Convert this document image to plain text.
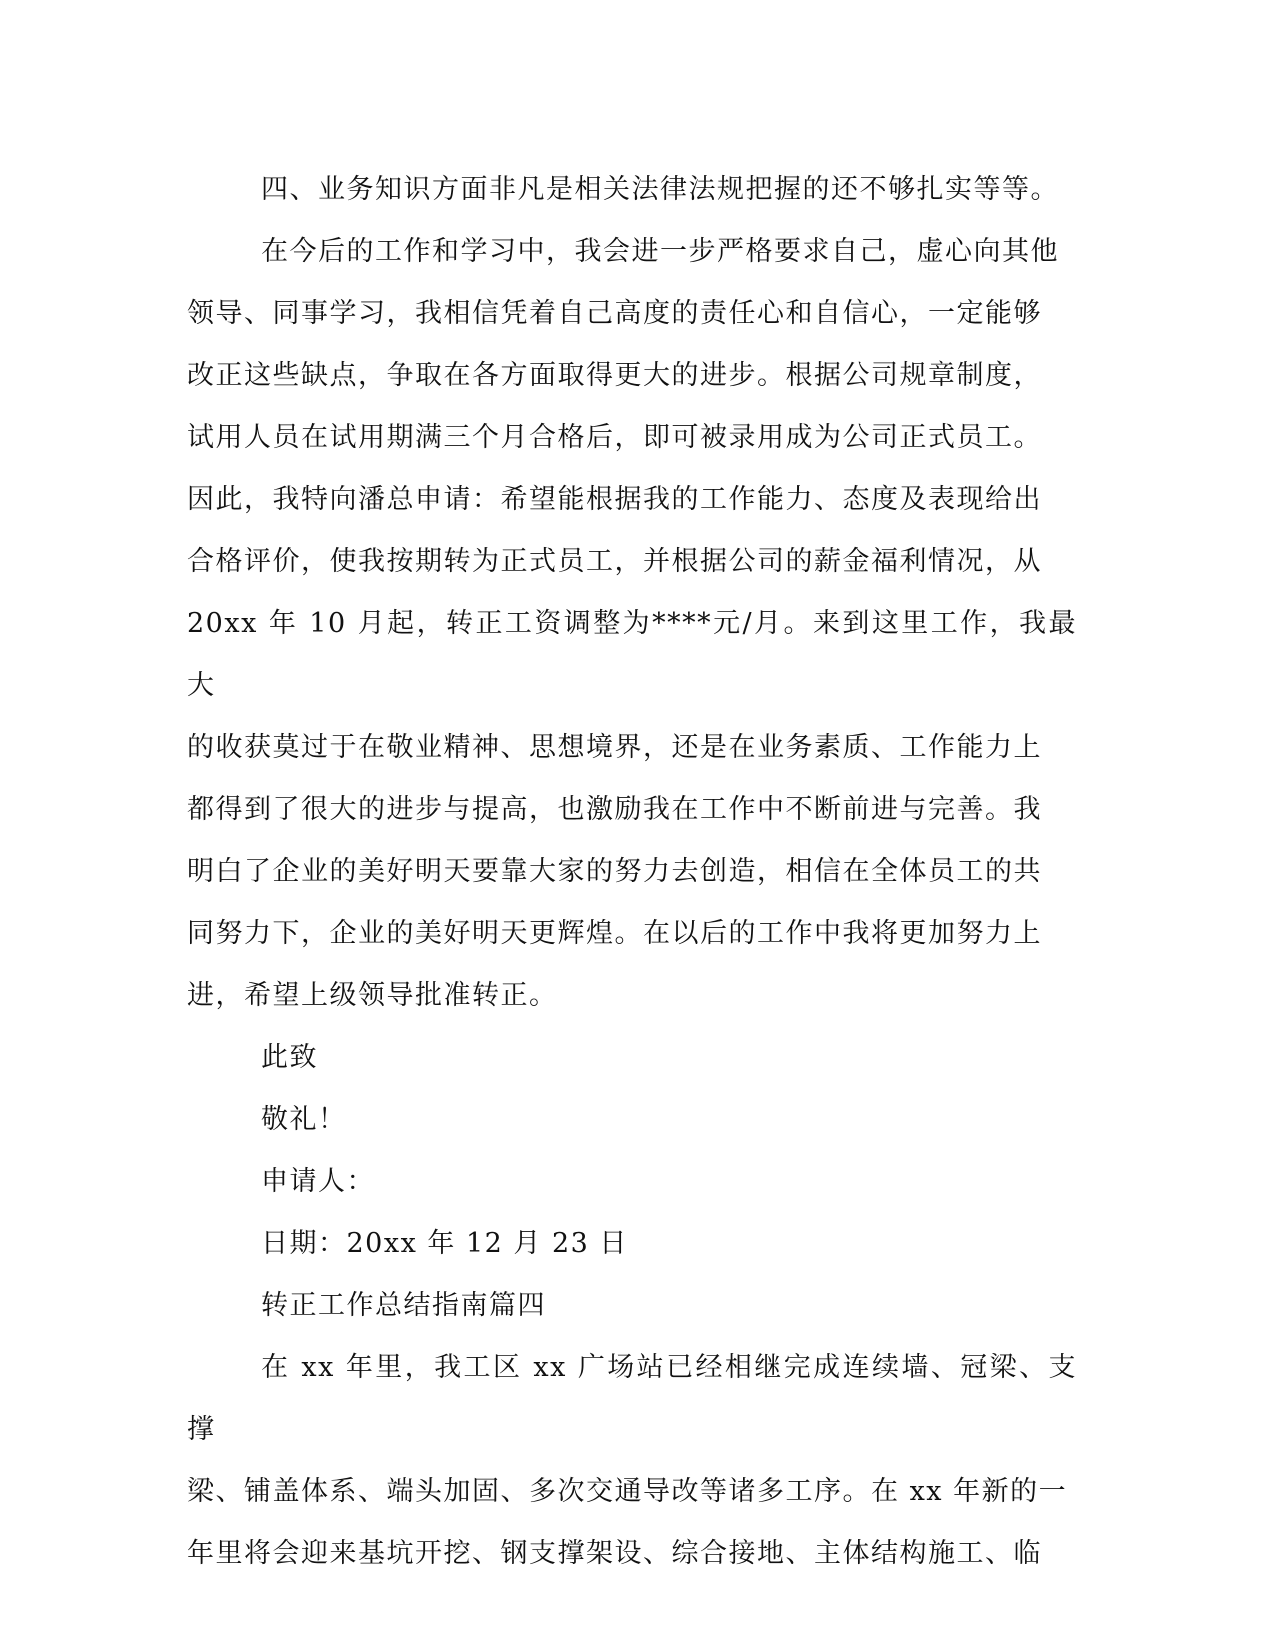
四、业务知识方面非凡是相关法律法规把握的还不够扎实等等。

在今后的工作和学习中，我会进一步严格要求自己，虚心向其他
领导、同事学习，我相信凭着自己高度的责任心和自信心，一定能够
改正这些缺点，争取在各方面取得更大的进步。根据公司规章制度，
试用人员在试用期满三个月合格后，即可被录用成为公司正式员工。
因此，我特向潘总申请：希望能根据我的工作能力、态度及表现给出
合格评价，使我按期转为正式员工，并根据公司的薪金福利情况，从
20xx 年 10 月起，转正工资调整为****元/月。来到这里工作，我最大
的收获莫过于在敬业精神、思想境界，还是在业务素质、工作能力上
都得到了很大的进步与提高，也激励我在工作中不断前进与完善。我
明白了企业的美好明天要靠大家的努力去创造，相信在全体员工的共
同努力下，企业的美好明天更辉煌。在以后的工作中我将更加努力上
进，希望上级领导批准转正。

此致

敬礼！

申请人：

日期：20xx 年 12 月 23 日

转正工作总结指南篇四

在 xx 年里，我工区 xx 广场站已经相继完成连续墙、冠梁、支撑
梁、铺盖体系、端头加固、多次交通导改等诸多工序。在 xx 年新的一
年里将会迎来基坑开挖、钢支撑架设、综合接地、主体结构施工、临
